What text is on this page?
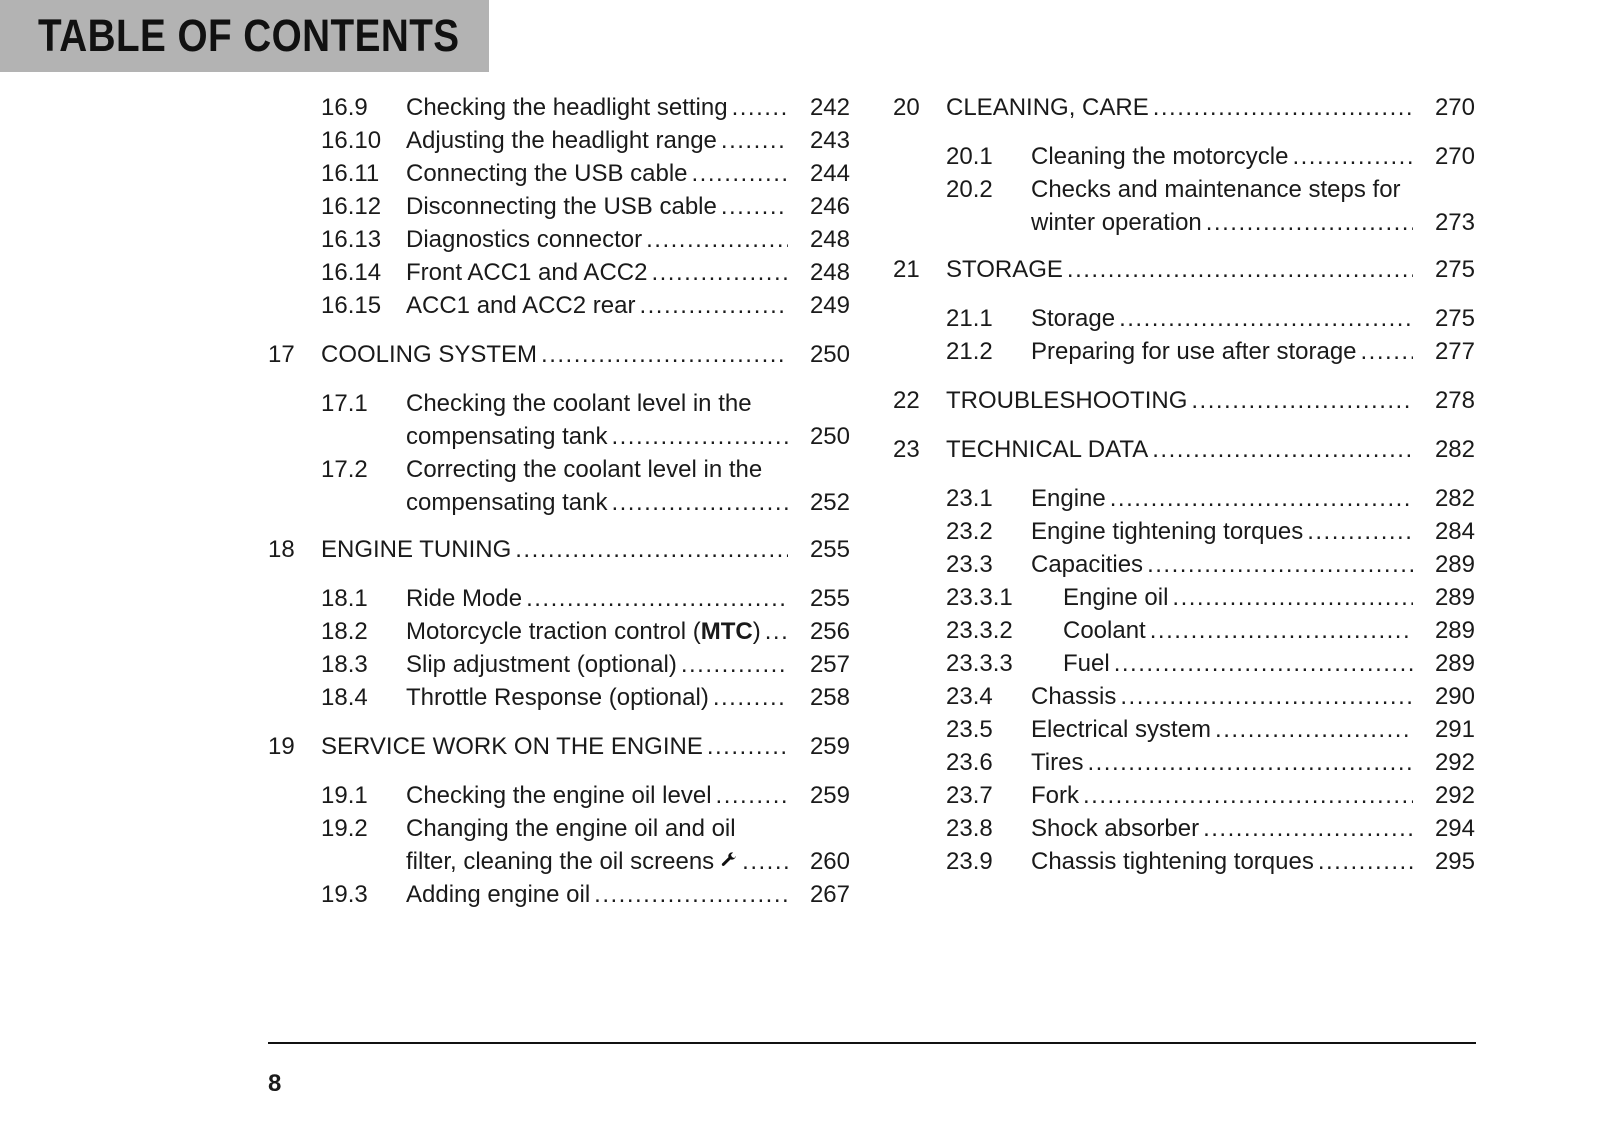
TABLE OF CONTENTS
16.9 Checking the headlight setting .....	242
16.10 Adjusting the headlight range .....	243
16.11 Connecting the USB cable .....	244
16.12 Disconnecting the USB cable .....	246
16.13 Diagnostics connector .....	248
16.14 Front ACC1 and ACC2 .....	248
16.15 ACC1 and ACC2 rear .....	249
17 COOLING SYSTEM .....	250
17.1 Checking the coolant level in the
compensating tank .....	250
17.2 Correcting the coolant level in the
compensating tank .....	252
18 ENGINE TUNING .....	255
18.1 Ride Mode .....	255
18.2 Motorcycle traction control (MTC) .....	256
18.3 Slip adjustment (optional) .....	257
18.4 Throttle Response (optional) .....	258
19 SERVICE WORK ON THE ENGINE .....	259
19.1 Checking the engine oil level .....	259
19.2 Changing the engine oil and oil
filter, cleaning the oil screens .....	260
19.3 Adding engine oil .....	267
20 CLEANING, CARE .....	270
20.1 Cleaning the motorcycle .....	270
20.2 Checks and maintenance steps for
winter operation .....	273
21 STORAGE .....	275
21.1 Storage .....	275
21.2 Preparing for use after storage .....	277
22 TROUBLESHOOTING .....	278
23 TECHNICAL DATA .....	282
23.1 Engine .....	282
23.2 Engine tightening torques .....	284
23.3 Capacities .....	289
23.3.1 Engine oil .....	289
23.3.2 Coolant .....	289
23.3.3 Fuel .....	289
23.4 Chassis .....	290
23.5 Electrical system .....	291
23.6 Tires .....	292
23.7 Fork .....	292
23.8 Shock absorber .....	294
23.9 Chassis tightening torques .....	295
8
